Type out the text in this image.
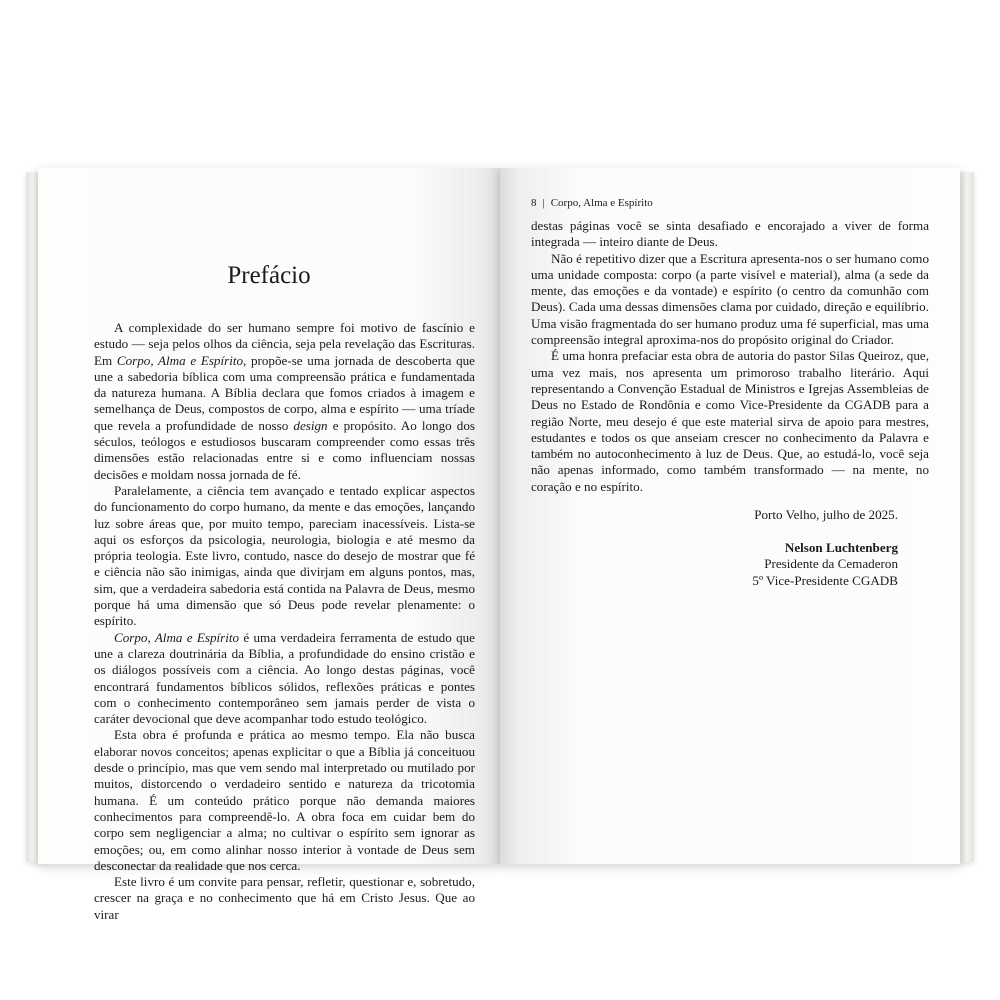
Prefácio

A complexidade do ser humano sempre foi motivo de fascínio e estudo — seja pelos olhos da ciência, seja pela revelação das Escrituras. Em Corpo, Alma e Espírito, propõe-se uma jornada de descoberta que une a sabedoria bíblica com uma compreensão prática e fundamentada da natureza humana. A Bíblia declara que fomos criados à imagem e semelhança de Deus, compostos de corpo, alma e espírito — uma tríade que revela a profundidade de nosso design e propósito. Ao longo dos séculos, teólogos e estudiosos buscaram compreender como essas três dimensões estão relacionadas entre si e como influenciam nossas decisões e moldam nossa jornada de fé.

Paralelamente, a ciência tem avançado e tentado explicar aspectos do funcionamento do corpo humano, da mente e das emoções, lançando luz sobre áreas que, por muito tempo, pareciam inacessíveis. Lista-se aqui os esforços da psicologia, neurologia, biologia e até mesmo da própria teologia. Este livro, contudo, nasce do desejo de mostrar que fé e ciência não são inimigas, ainda que divirjam em alguns pontos, mas, sim, que a verdadeira sabedoria está contida na Palavra de Deus, mesmo porque há uma dimensão que só Deus pode revelar plenamente: o espírito.

Corpo, Alma e Espírito é uma verdadeira ferramenta de estudo que une a clareza doutrinária da Bíblia, a profundidade do ensino cristão e os diálogos possíveis com a ciência. Ao longo destas páginas, você encontrará fundamentos bíblicos sólidos, reflexões práticas e pontes com o conhecimento contemporâneo sem jamais perder de vista o caráter devocional que deve acompanhar todo estudo teológico.

Esta obra é profunda e prática ao mesmo tempo. Ela não busca elaborar novos conceitos; apenas explicitar o que a Bíblia já conceituou desde o princípio, mas que vem sendo mal interpretado ou mutilado por muitos, distorcendo o verdadeiro sentido e natureza da tricotomia humana. É um conteúdo prático porque não demanda maiores conhecimentos para compreendê-lo. A obra foca em cuidar bem do corpo sem negligenciar a alma; no cultivar o espírito sem ignorar as emoções; ou, em como alinhar nosso interior à vontade de Deus sem desconectar da realidade que nos cerca.

Este livro é um convite para pensar, refletir, questionar e, sobretudo, crescer na graça e no conhecimento que há em Cristo Jesus. Que ao virar

8 | Corpo, Alma e Espírito

destas páginas você se sinta desafiado e encorajado a viver de forma integrada — inteiro diante de Deus.

Não é repetitivo dizer que a Escritura apresenta-nos o ser humano como uma unidade composta: corpo (a parte visível e material), alma (a sede da mente, das emoções e da vontade) e espírito (o centro da comunhão com Deus). Cada uma dessas dimensões clama por cuidado, direção e equilíbrio. Uma visão fragmentada do ser humano produz uma fé superficial, mas uma compreensão integral aproxima-nos do propósito original do Criador.

É uma honra prefaciar esta obra de autoria do pastor Silas Queiroz, que, uma vez mais, nos apresenta um primoroso trabalho literário. Aqui representando a Convenção Estadual de Ministros e Igrejas Assembleias de Deus no Estado de Rondônia e como Vice-Presidente da CGADB para a região Norte, meu desejo é que este material sirva de apoio para mestres, estudantes e todos os que anseiam crescer no conhecimento da Palavra e também no autoconhecimento à luz de Deus. Que, ao estudá-lo, você seja não apenas informado, como também transformado — na mente, no coração e no espírito.

Porto Velho, julho de 2025.
Nelson Luchtenberg
Presidente da Cemaderon
5º Vice-Presidente CGADB
